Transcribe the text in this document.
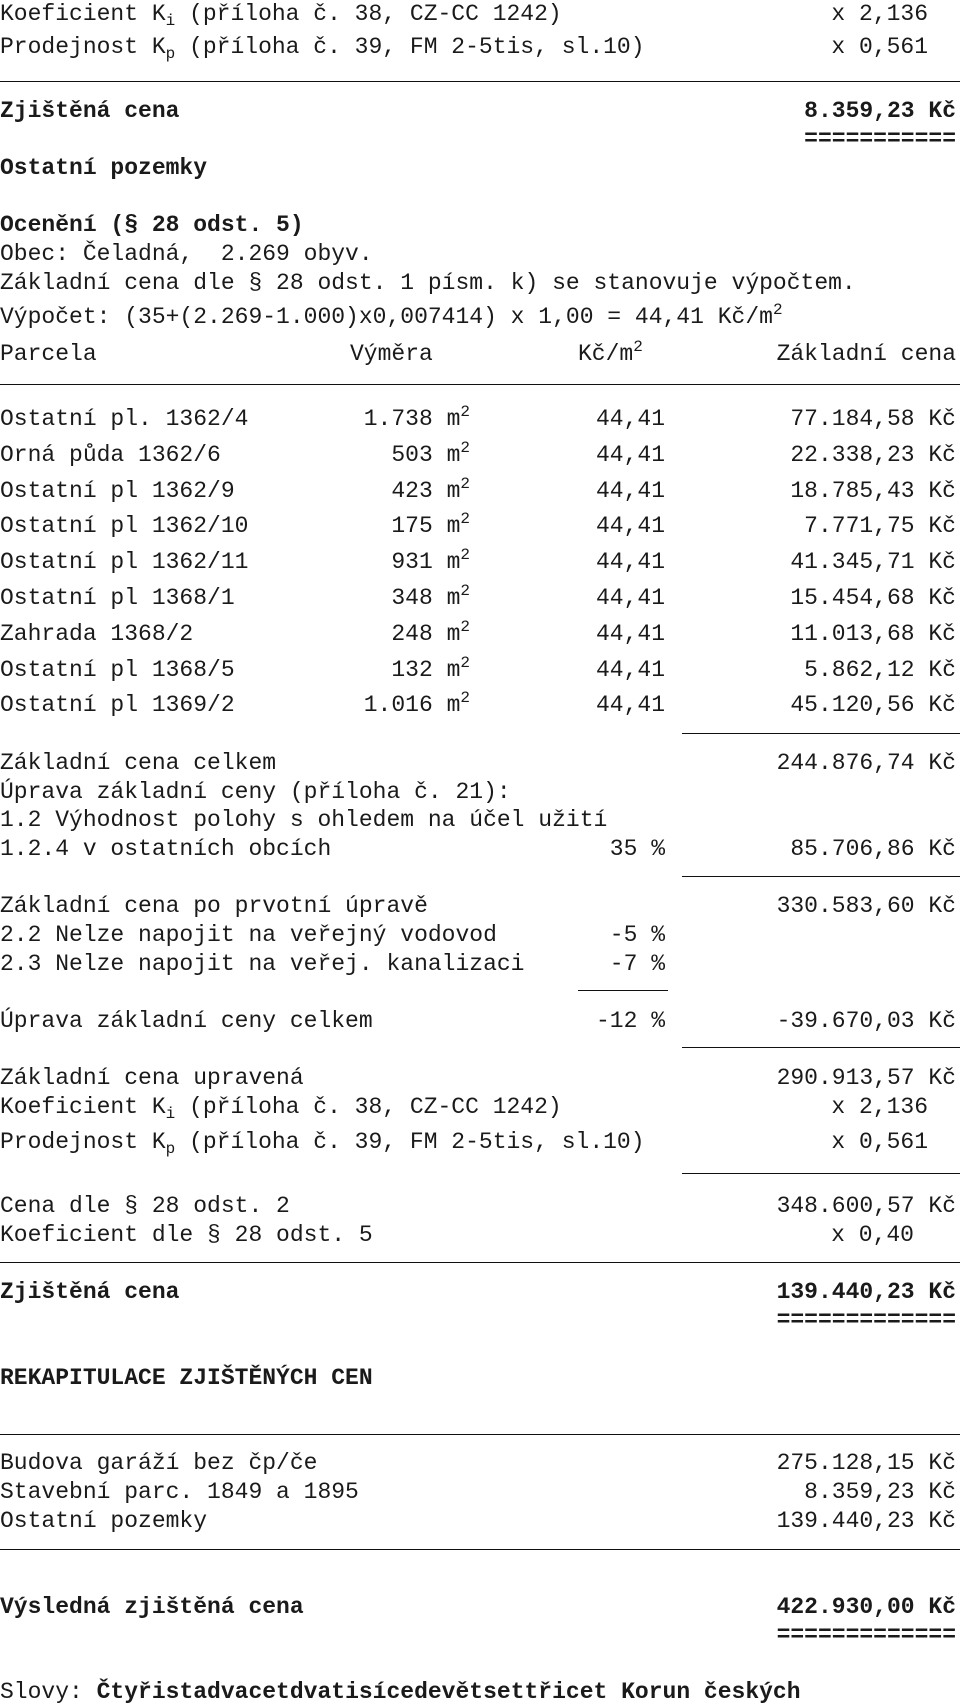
Koeficient $K_i$ (příloha č. 38, CZ-CC 1242)	x 2,136
Prodejnost $K_p$ (příloha č. 39, FM 2-5tis, sl.10)	x 0,561
Zjištěná cena	8.359,23 Kč
===========
Ostatní pozemky
Ocenění (§ 28 odst. 5)
Obec: Čeladná,  2.269 obyv.
Základní cena dle § 28 odst. 1 písm. k) se stanovuje výpočtem.
Výpočet: (35+(2.269-1.000)x0,007414) x 1,00 = 44,41 $Kč/m^2$
Parcela	Výměra	$Kč/m^2$	Základní cena
Ostatní pl. 1362/4	1.738 $m^2$	44,41	77.184,58 Kč
Orná půda 1362/6	503 $m^2$	44,41	22.338,23 Kč
Ostatní pl 1362/9	423 $m^2$	44,41	18.785,43 Kč
Ostatní pl 1362/10	175 $m^2$	44,41	7.771,75 Kč
Ostatní pl 1362/11	931 $m^2$	44,41	41.345,71 Kč
Ostatní pl 1368/1	348 $m^2$	44,41	15.454,68 Kč
Zahrada 1368/2	248 $m^2$	44,41	11.013,68 Kč
Ostatní pl 1368/5	132 $m^2$	44,41	5.862,12 Kč
Ostatní pl 1369/2	1.016 $m^2$	44,41	45.120,56 Kč
Základní cena celkem	244.876,74 Kč
Úprava základní ceny (příloha č. 21):
1.2 Výhodnost polohy s ohledem na účel užití
1.2.4 v ostatních obcích	35 %	85.706,86 Kč
Základní cena po prvotní úpravě	330.583,60 Kč
2.2 Nelze napojit na veřejný vodovod	-5 %
2.3 Nelze napojit na veřej. kanalizaci	-7 %
Úprava základní ceny celkem	-12 %	-39.670,03 Kč
Základní cena upravená	290.913,57 Kč
Koeficient $K_i$ (příloha č. 38, CZ-CC 1242)	x 2,136
Prodejnost $K_p$ (příloha č. 39, FM 2-5tis, sl.10)	x 0,561
Cena dle § 28 odst. 2	348.600,57 Kč
Koeficient dle § 28 odst. 5	x 0,40
Zjištěná cena	139.440,23 Kč
=============
REKAPITULACE ZJIŠTĚNÝCH CEN
Budova garáží bez čp/če	275.128,15 Kč
Stavební parc. 1849 a 1895	8.359,23 Kč
Ostatní pozemky	139.440,23 Kč
Výsledná zjištěná cena	422.930,00 Kč
=============
Slovy: Čtyřistadvacetdvatisícedevětsettřicet Korun českých
